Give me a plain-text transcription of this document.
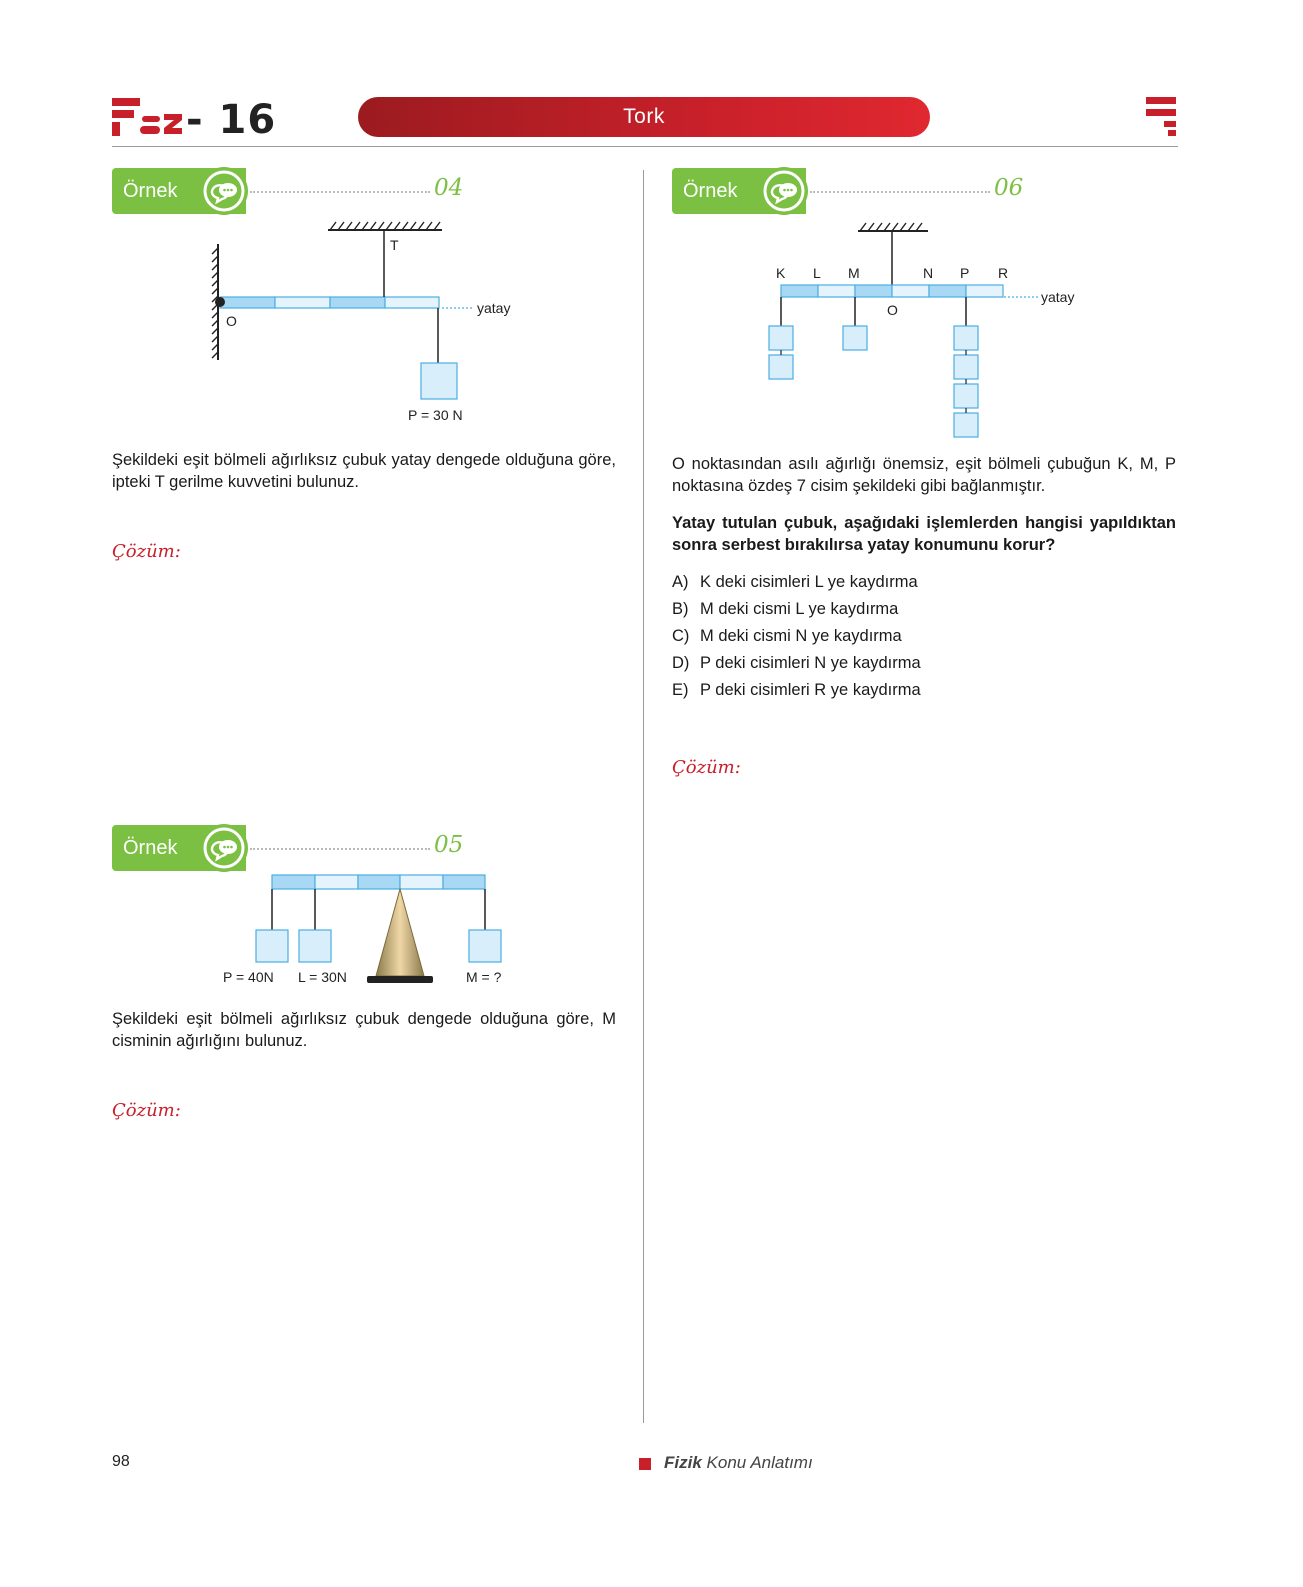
- 16	Tork
Örnek	04
T
O
yatay
P = 30 N
Şekildeki eşit bölmeli ağırlıksız çubuk yatay dengede olduğuna göre, ipteki T gerilme kuvvetini bulunuz.
Çözüm:
Örnek	05
P = 40N L = 30N	M = ?
Şekildeki eşit bölmeli ağırlıksız çubuk dengede olduğuna göre, M cisminin ağırlığını bulunuz.
Çözüm:
Örnek	06
K L M	N P R
O
yatay
O noktasından asılı ağırlığı önemsiz, eşit bölmeli çubuğun K, M, P noktasına özdeş 7 cisim şekildeki gibi bağlanmıştır.
Yatay tutulan çubuk, aşağıdaki işlemlerden hangisi yapıldıktan sonra serbest bırakılırsa yatay konumunu korur?
A) K deki cisimleri L ye kaydırma
B) M deki cismi L ye kaydırma
C) M deki cismi N ye kaydırma
D) P deki cisimleri N ye kaydırma
E) P deki cisimleri R ye kaydırma
Çözüm:
98	Fizik Konu Anlatımı
